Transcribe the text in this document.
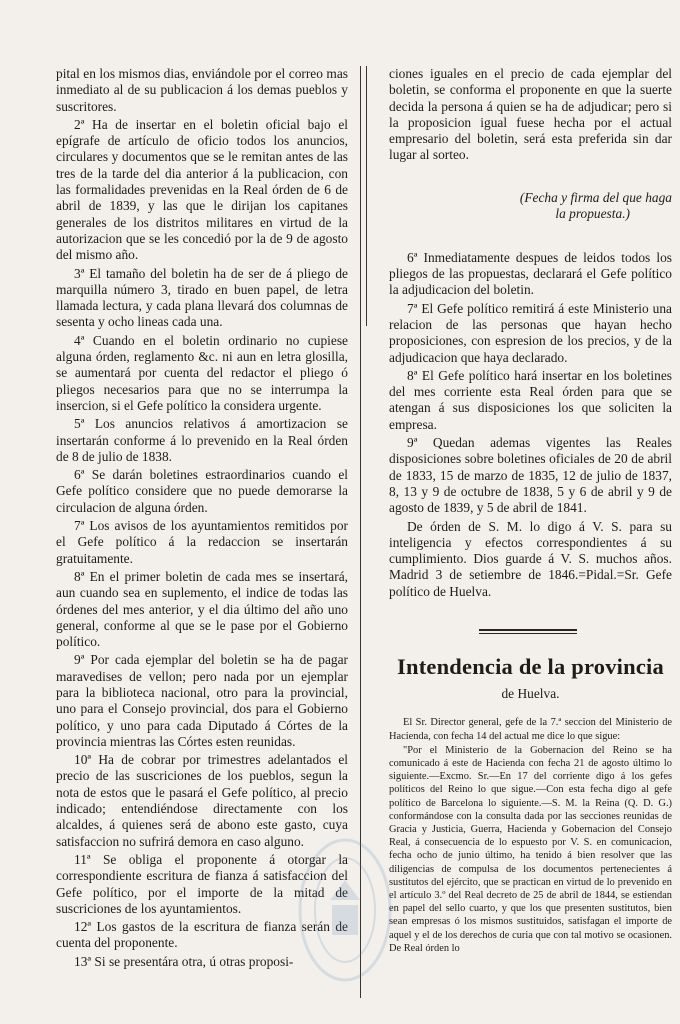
pital en los mismos dias, enviándole por el correo mas inmediato al de su publicacion á los demas pueblos y suscritores.

2ª Ha de insertar en el boletin oficial bajo el epígrafe de artículo de oficio todos los anuncios, circulares y documentos que se le remitan antes de las tres de la tarde del dia anterior á la publicacion, con las formalidades prevenidas en la Real órden de 6 de abril de 1839, y las que le dirijan los capitanes generales de los distritos militares en virtud de la autorizacion que se les concedió por la de 9 de agosto del mismo año.

3ª El tamaño del boletin ha de ser de á pliego de marquilla número 3, tirado en buen papel, de letra llamada lectura, y cada plana llevará dos columnas de sesenta y ocho lineas cada una.

4ª Cuando en el boletin ordinario no cupiese alguna órden, reglamento &c. ni aun en letra glosilla, se aumentará por cuenta del redactor el pliego ó pliegos necesarios para que no se interrumpa la insercion, si el Gefe político la considera urgente.

5ª Los anuncios relativos á amortizacion se insertarán conforme á lo prevenido en la Real órden de 8 de julio de 1838.

6ª Se darán boletines estraordinarios cuando el Gefe político considere que no puede demorarse la circulacion de alguna órden.

7ª Los avisos de los ayuntamientos remitidos por el Gefe político á la redaccion se insertarán gratuitamente.

8ª En el primer boletin de cada mes se insertará, aun cuando sea en suplemento, el indice de todas las órdenes del mes anterior, y el dia último del año uno general, conforme al que se le pase por el Gobierno político.

9ª Por cada ejemplar del boletin se ha de pagar maravedises de vellon; pero nada por un ejemplar para la biblioteca nacional, otro para la provincial, uno para el Consejo provincial, dos para el Gobierno político, y uno para cada Diputado á Córtes de la provincia mientras las Córtes esten reunidas.

10ª Ha de cobrar por trimestres adelantados el precio de las suscriciones de los pueblos, segun la nota de estos que le pasará el Gefe político, al precio indicado; entendiéndose directamente con los alcaldes, á quienes será de abono este gasto, cuya satisfaccion no sufrirá demora en caso alguno.

11ª Se obliga el proponente á otorgar la correspondiente escritura de fianza á satisfaccion del Gefe político, por el importe de la mitad de suscriciones de los ayuntamientos.

12ª Los gastos de la escritura de fianza serán de cuenta del proponente.

13ª Si se presentára otra, ú otras proposi-

ciones iguales en el precio de cada ejemplar del boletin, se conforma el proponente en que la suerte decida la persona á quien se ha de adjudicar; pero si la proposicion igual fuese hecha por el actual empresario del boletin, será esta preferida sin dar lugar al sorteo.

(Fecha y firma del que haga
la propuesta.)

6ª Inmediatamente despues de leidos todos los pliegos de las propuestas, declarará el Gefe político la adjudicacion del boletin.

7ª El Gefe político remitirá á este Ministerio una relacion de las personas que hayan hecho proposiciones, con espresion de los precios, y de la adjudicacion que haya declarado.

8ª El Gefe político hará insertar en los boletines del mes corriente esta Real órden para que se atengan á sus disposiciones los que soliciten la empresa.

9ª Quedan ademas vigentes las Reales disposiciones sobre boletines oficiales de 20 de abril de 1833, 15 de marzo de 1835, 12 de julio de 1837, 8, 13 y 9 de octubre de 1838, 5 y 6 de abril y 9 de agosto de 1839, y 5 de abril de 1841.

De órden de S. M. lo digo á V. S. para su inteligencia y efectos correspondientes á su cumplimiento. Dios guarde á V. S. muchos años. Madrid 3 de setiembre de 1846.=Pidal.=Sr. Gefe político de Huelva.

Intendencia de la provincia
de Huelva.

El Sr. Director general, gefe de la 7.ª seccion del Ministerio de Hacienda, con fecha 14 del actual me dice lo que sigue:

"Por el Ministerio de la Gobernacion del Reino se ha comunicado á este de Hacienda con fecha 21 de agosto último lo siguiente.—Excmo. Sr.—En 17 del corriente digo á los gefes políticos del Reino lo que sigue.—Con esta fecha digo al gefe político de Barcelona lo siguiente.—S. M. la Reina (Q. D. G.) conformándose con la consulta dada por las secciones reunidas de Gracia y Justicia, Guerra, Hacienda y Gobernacion del Consejo Real, á consecuencia de lo espuesto por V. S. en comunicacion, fecha ocho de junio último, ha tenido á bien resolver que las diligencias de compulsa de los documentos pertenecientes á sustitutos del ejército, que se practican en virtud de lo prevenido en el artículo 3.º del Real decreto de 25 de abril de 1844, se estiendan en papel del sello cuarto, y que los que presenten sustitutos, bien sean empresas ó los mismos sustituidos, satisfagan el importe de aquel y el de los derechos de curia que con tal motivo se ocasionen. De Real órden lo
